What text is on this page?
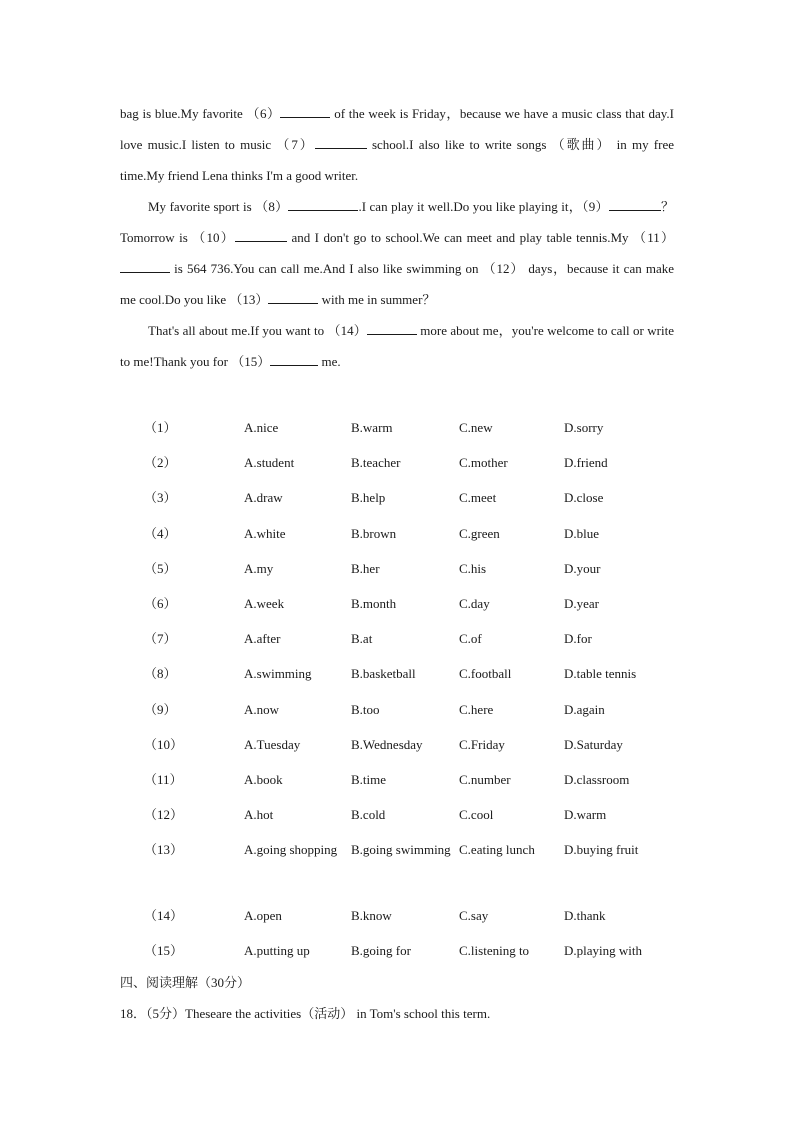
bag is blue.My favorite （6）	of the week is Friday，because we have a music class that day.I love music.I listen to music （7）	school.I also like to write songs （歌曲） in my free time.My friend Lena thinks I'm a good writer.

My favorite sport is （8）	.I can play it well.Do you like playing it，（9）	？Tomorrow is （10）	and I don't go to school.We can meet and play table tennis.My （11） is 564 736.You can call me.And I also like swimming on （12） days，because it can make me cool.Do you like （13）	with me in summer？

That's all about me.If you want to （14）	more about me，you're welcome to call or write to me!Thank you for （15）	me.

（1）	A.nice	B.warm	C.new	D.sorry
（2）	A.student	B.teacher	C.mother	D.friend
（3）	A.draw	B.help	C.meet	D.close
（4）	A.white	B.brown	C.green	D.blue
（5）	A.my	B.her	C.his	D.your
（6）	A.week	B.month	C.day	D.year
（7）	A.after	B.at	C.of	D.for
（8）	A.swimming	B.basketball	C.football	D.table tennis
（9）	A.now	B.too	C.here	D.again
（10）	A.Tuesday	B.Wednesday	C.Friday	D.Saturday
（11）	A.book	B.time	C.number	D.classroom
（12）	A.hot	B.cold	C.cool	D.warm
（13）	A.going shopping B.going swimming C.eating lunch D.buying fruit
（14）	A.open	B.know	C.say	D.thank
（15）	A.putting up	B.going for	C.listening to	D.playing with
四、阅读理解（30分）
18．（5分）Theseare the activities（活动） in Tom's school this term.
